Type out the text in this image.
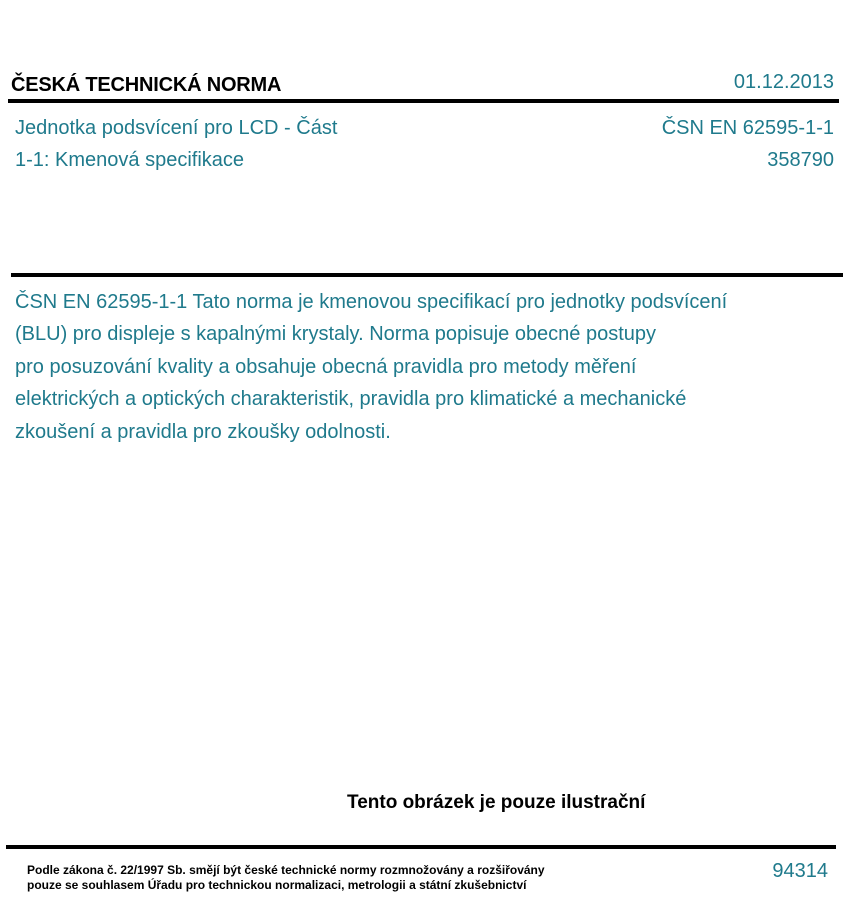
ČESKÁ TECHNICKÁ NORMA	01.12.2013
Jednotka podsvícení pro LCD - Část
1-1: Kmenová specifikace
ČSN EN 62595-1-1
358790
ČSN EN 62595-1-1 Tato norma je kmenovou specifikací pro jednotky podsvícení
(BLU) pro displeje s kapalnými krystaly. Norma popisuje obecné postupy
pro posuzování kvality a obsahuje obecná pravidla pro metody měření
elektrických a optických charakteristik, pravidla pro klimatické a mechanické
zkoušení a pravidla pro zkoušky odolnosti.
Tento obrázek je pouze ilustrační
Podle zákona č. 22/1997 Sb. smějí být české technické normy rozmnožovány a rozšiřovány
pouze se souhlasem Úřadu pro technickou normalizaci, metrologii a státní zkušebnictví
94314
